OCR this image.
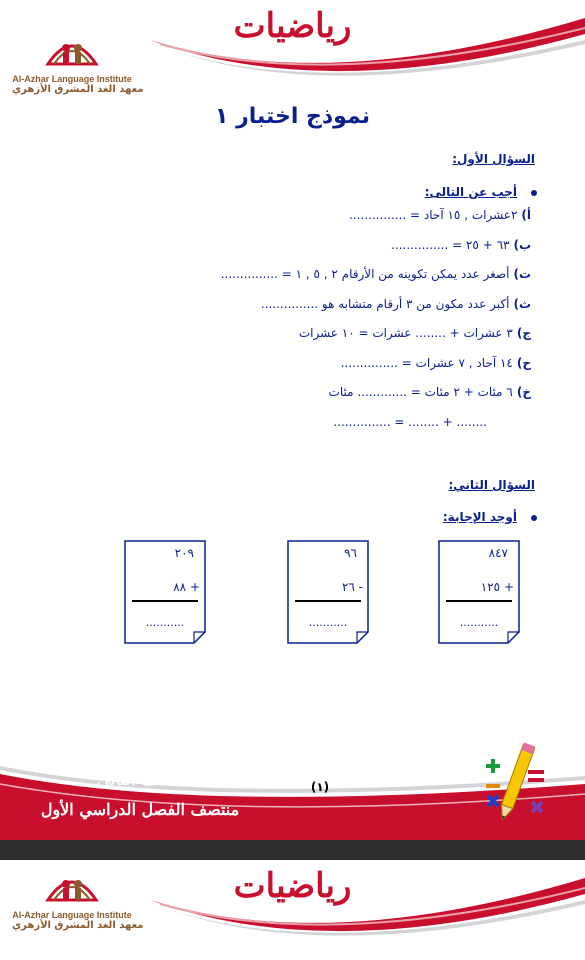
رياضيات
Al-Azhar Language Institute
معهد الغد المشرق الأزهري
نموذج اختبار ١
السؤال الأول:
أجب عن التالى:
أ)٢عشرات , ١٥ آحاد = ...............
ب)٦٣ + ٢٥ = ...............
ت)أصغر عدد يمكن تكوينه من الأرقام ٢ , ٥ , ١ = ...............
ث)أكبر عدد مكون من ٣ أرقام متشابه هو ...............
ج)٣ عشرات + ........ عشرات = ١٠ عشرات
ح)١٤ آحاد , ٧ عشرات = ...............
خ)٦ مئات + ٢ مئات = ............. مئات
........ + ........ = ...............
السؤال الثاني:
أوجد الإجابة:
٨٤٧
+ ١٢٥
...........
٩٦
- ٢٦
...........
٢٠٩
+ ٨٨
...........
(١)
الصف الثانى
منتصف الفصل الدراسي الأول
رياضيات
Al-Azhar Language Institute
معهد الغد المشرق الأزهري
